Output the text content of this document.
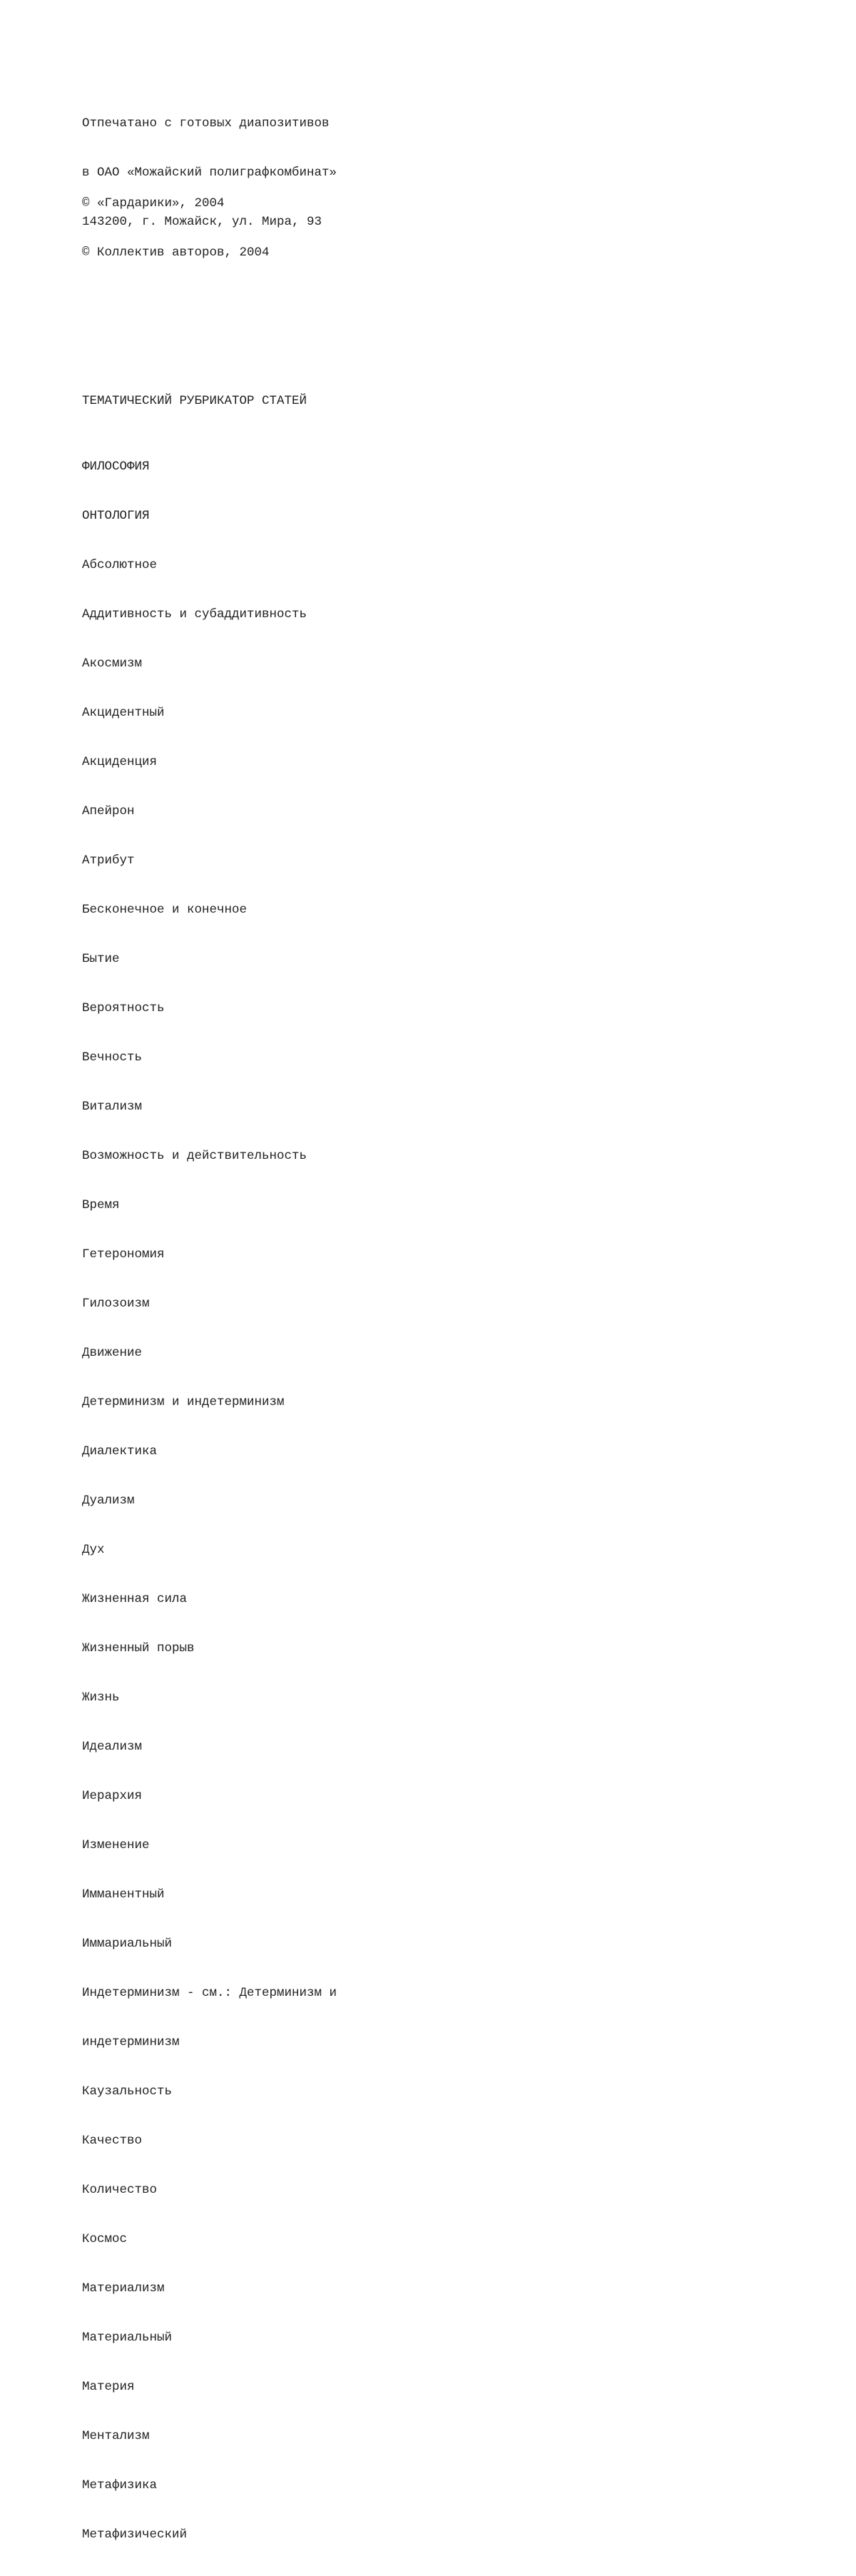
Отпечатано с готовых диапозитивов

в ОАО «Можайский полиграфкомбинат»

143200, г. Можайск, ул. Мира, 93

© «Гардарики», 2004

© Коллектив авторов, 2004

ТЕМАТИЧЕСКИЙ РУБРИКАТОР СТАТЕЙ

ФИЛОСОФИЯ

ОНТОЛОГИЯ

Абсолютное

Аддитивность и субаддитивность

Акосмизм

Акцидентный

Акциденция

Апейрон

Атрибут

Бесконечное и конечное

Бытие

Вероятность

Вечность

Витализм

Возможность и действительность

Время

Гетерономия

Гилозоизм

Движение

Детерминизм и индетерминизм

Диалектика

Дуализм

Дух

Жизненная сила

Жизненный порыв

Жизнь

Идеализм

Иерархия

Изменение

Имманентный

Иммариальный

Индетерминизм - см.: Детерминизм и

индетерминизм

Каузальность

Качество

Количество

Космос

Материализм

Материальный

Материя

Ментализм

Метафизика

Метафизический
